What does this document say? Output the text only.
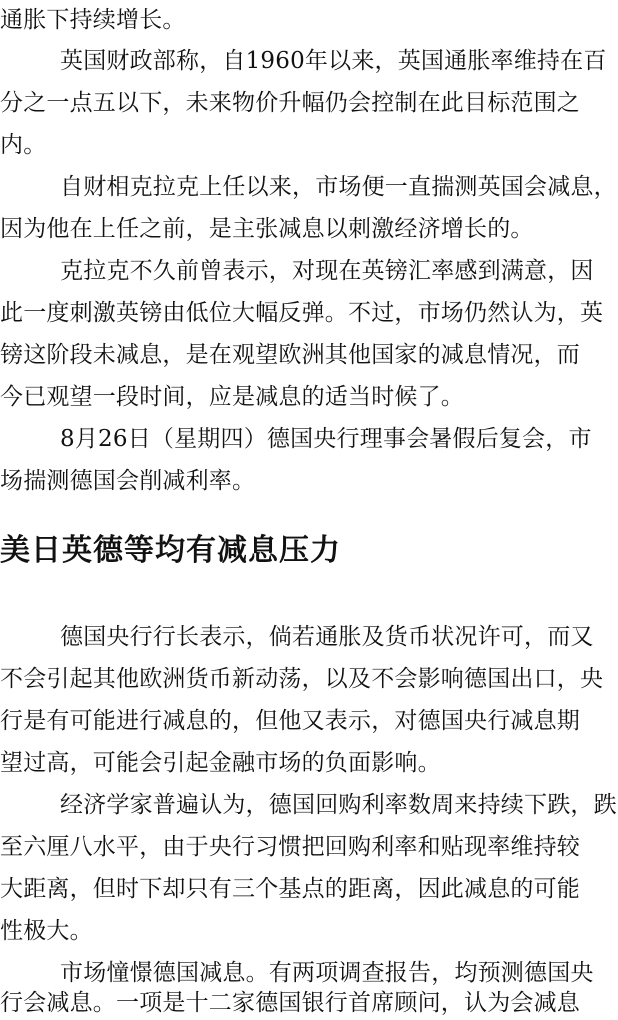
通胀下持续增长。
英国财政部称，自1960年以来，英国通胀率维持在百
分之一点五以下，未来物价升幅仍会控制在此目标范围之
内。
自财相克拉克上任以来，市场便一直揣测英国会减息，
因为他在上任之前，是主张减息以刺激经济增长的。
克拉克不久前曾表示，对现在英镑汇率感到满意，因
此一度刺激英镑由低位大幅反弹。不过，市场仍然认为，英
镑这阶段未减息，是在观望欧洲其他国家的减息情况，而
今已观望一段时间，应是减息的适当时候了。
8月26日（星期四）德国央行理事会暑假后复会，市
场揣测德国会削减利率。
美日英德等均有减息压力
德国央行行长表示，倘若通胀及货币状况许可，而又
不会引起其他欧洲货币新动荡，以及不会影响德国出口，央
行是有可能进行减息的，但他又表示，对德国央行减息期
望过高，可能会引起金融市场的负面影响。
经济学家普遍认为，德国回购利率数周来持续下跌，跌
至六厘八水平，由于央行习惯把回购利率和贴现率维持较
大距离，但时下却只有三个基点的距离，因此减息的可能
性极大。
市场憧憬德国减息。有两项调查报告，均预测德国央
行会减息。一项是十二家德国银行首席顾问，认为会减息
